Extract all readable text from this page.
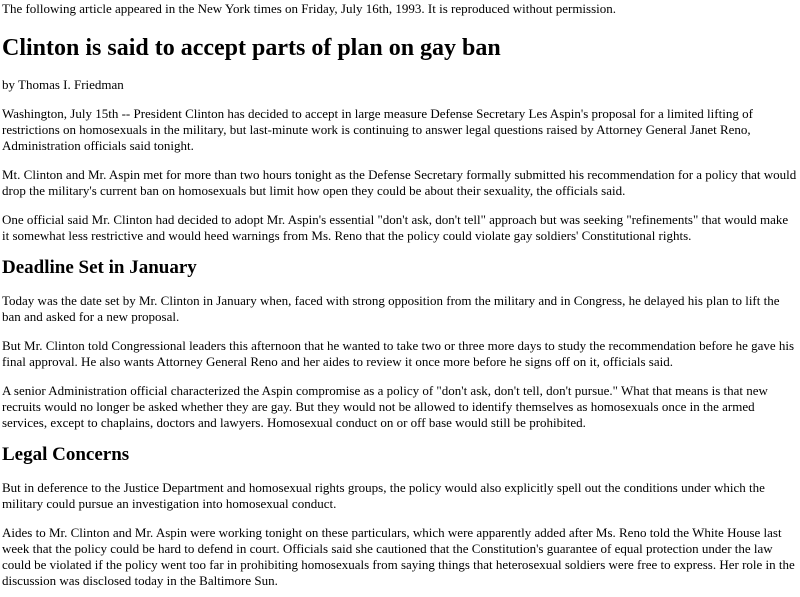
The following article appeared in the New York times on Friday, July 16th, 1993. It is reproduced without permission.
Clinton is said to accept parts of plan on gay ban

by Thomas I. Friedman

Washington, July 15th -- President Clinton has decided to accept in large measure Defense Secretary Les Aspin's proposal for a limited lifting of restrictions on homosexuals in the military, but last-minute work is continuing to answer legal questions raised by Attorney General Janet Reno, Administration officials said tonight.

Mt. Clinton and Mr. Aspin met for more than two hours tonight as the Defense Secretary formally submitted his recommendation for a policy that would drop the military's current ban on homosexuals but limit how open they could be about their sexuality, the officials said.

One official said Mr. Clinton had decided to adopt Mr. Aspin's essential "don't ask, don't tell" approach but was seeking "refinements" that would make it somewhat less restrictive and would heed warnings from Ms. Reno that the policy could violate gay soldiers' Constitutional rights.

Deadline Set in January

Today was the date set by Mr. Clinton in January when, faced with strong opposition from the military and in Congress, he delayed his plan to lift the ban and asked for a new proposal.

But Mr. Clinton told Congressional leaders this afternoon that he wanted to take two or three more days to study the recommendation before he gave his final approval. He also wants Attorney General Reno and her aides to review it once more before he signs off on it, officials said.

A senior Administration official characterized the Aspin compromise as a policy of "don't ask, don't tell, don't pursue." What that means is that new recruits would no longer be asked whether they are gay. But they would not be allowed to identify themselves as homosexuals once in the armed services, except to chaplains, doctors and lawyers. Homosexual conduct on or off base would still be prohibited.

Legal Concerns

But in deference to the Justice Department and homosexual rights groups, the policy would also explicitly spell out the conditions under which the military could pursue an investigation into homosexual conduct.

Aides to Mr. Clinton and Mr. Aspin were working tonight on these particulars, which were apparently added after Ms. Reno told the White House last week that the policy could be hard to defend in court. Officials said she cautioned that the Constitution's guarantee of equal protection under the law could be violated if the policy went too far in prohibiting homosexuals from saying things that heterosexual soldiers were free to express. Her role in the discussion was disclosed today in the Baltimore Sun.
